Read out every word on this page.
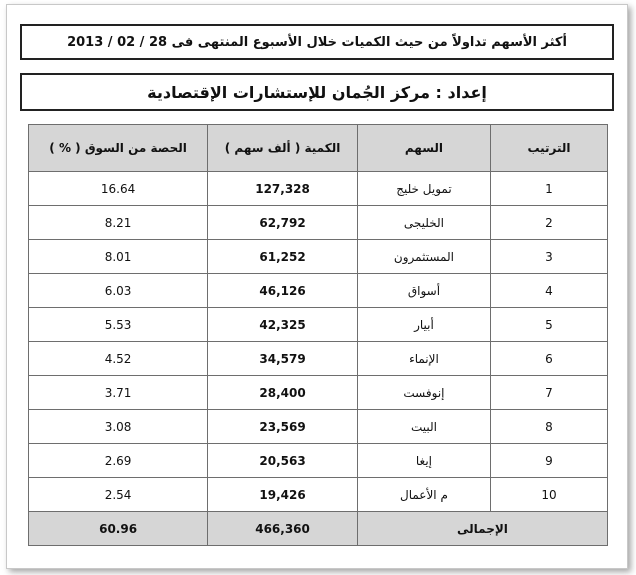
أكثر الأسهم تداولاً من حيث الكميات خلال الأسبوع المنتهى فى 28 / 02 / 2013
إعداد : مركز الجُمان للإستشارات الإقتصادية
الترتيب	السهم	الكمية ( ألف سهم )	الحصة من السوق ( % )
1	تمويل خليج	127,328	16.64
2	الخليجى	62,792	8.21
3	المستثمرون	61,252	8.01
4	أسواق	46,126	6.03
5	أبيار	42,325	5.53
6	الإنماء	34,579	4.52
7	إنوفست	28,400	3.71
8	البيت	23,569	3.08
9	إيغا	20,563	2.69
10	م الأعمال	19,426	2.54
الإجمالى		466,360	60.96
